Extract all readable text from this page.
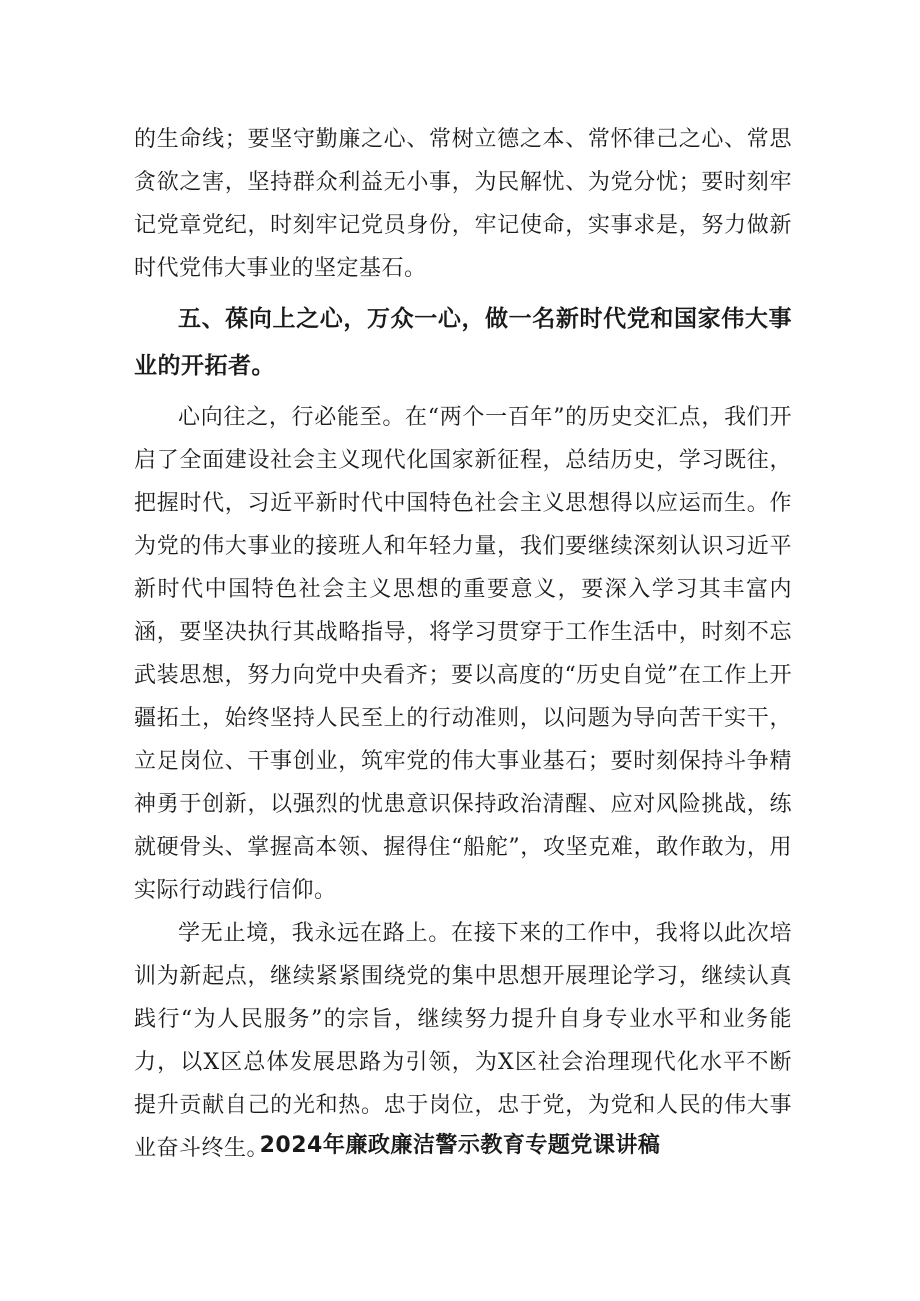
的生命线；要坚守勤廉之心、常树立德之本、常怀律己之心、常思贪欲之害，坚持群众利益无小事，为民解忧、为党分忧；要时刻牢记党章党纪，时刻牢记党员身份，牢记使命，实事求是，努力做新时代党伟大事业的坚定基石。

五、葆向上之心，万众一心，做一名新时代党和国家伟大事业的开拓者。

心向往之，行必能至。在“两个一百年”的历史交汇点，我们开启了全面建设社会主义现代化国家新征程，总结历史，学习既往，把握时代，习近平新时代中国特色社会主义思想得以应运而生。作为党的伟大事业的接班人和年轻力量，我们要继续深刻认识习近平新时代中国特色社会主义思想的重要意义，要深入学习其丰富内涵，要坚决执行其战略指导，将学习贯穿于工作生活中，时刻不忘武装思想，努力向党中央看齐；要以高度的“历史自觉”在工作上开疆拓土，始终坚持人民至上的行动准则，以问题为导向苦干实干，立足岗位、干事创业，筑牢党的伟大事业基石；要时刻保持斗争精神勇于创新，以强烈的忧患意识保持政治清醒、应对风险挑战，练就硬骨头、掌握高本领、握得住“船舵”，攻坚克难，敢作敢为，用实际行动践行信仰。

学无止境，我永远在路上。在接下来的工作中，我将以此次培训为新起点，继续紧紧围绕党的集中思想开展理论学习，继续认真践行“为人民服务”的宗旨，继续努力提升自身专业水平和业务能力，以X区总体发展思路为引领，为X区社会治理现代化水平不断提升贡献自己的光和热。忠于岗位，忠于党，为党和人民的伟大事业奋斗终生。

2024年廉政廉洁警示教育专题党课讲稿
